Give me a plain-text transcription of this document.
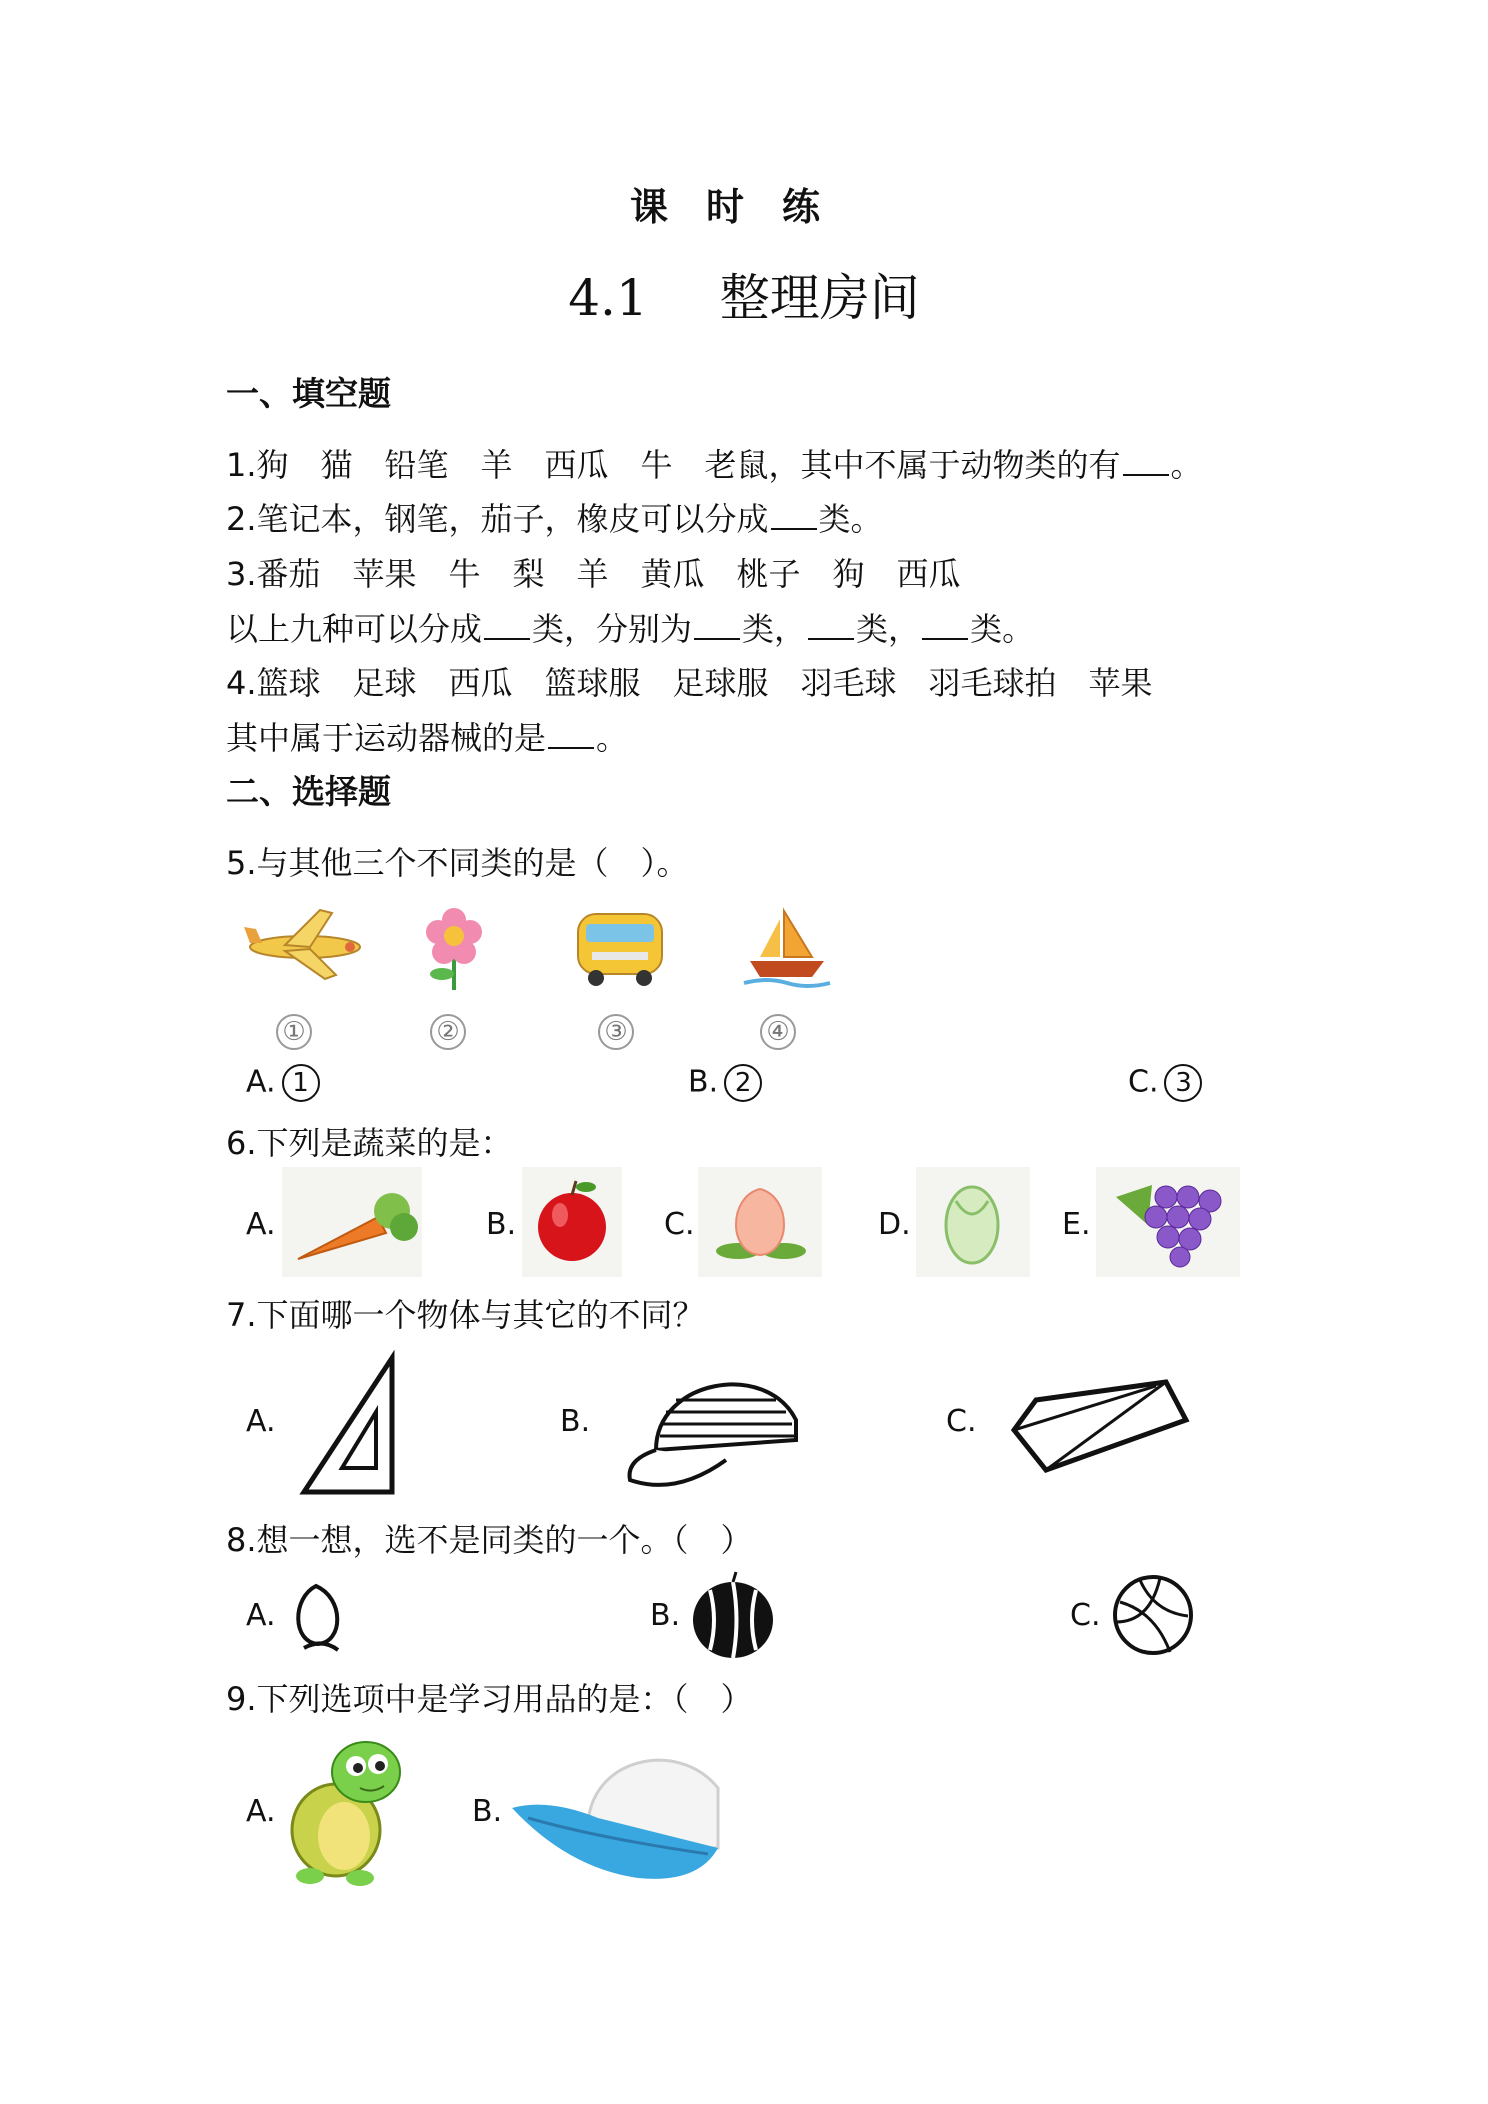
课时练
4.1 整理房间
一、填空题
1.狗　猫　铅笔　羊　西瓜　牛　老鼠，其中不属于动物类的有 。
2.笔记本，钢笔，茄子，橡皮可以分成 类。
3.番茄　苹果　牛　梨　羊　黄瓜　桃子　狗　西瓜
以上九种可以分成 类，分别为 类， 类， 类。
4.篮球　足球　西瓜　篮球服　足球服　羽毛球　羽毛球拍　苹果
其中属于运动器械的是 。
二、选择题
5.与其他三个不同类的是（　）。
①	②	③	④
A. 1	B. 2	C. 3
6.下列是蔬菜的是：
A.	B.	C.	D.	E.
7.下面哪一个物体与其它的不同？
A.	B.	C.
8.想一想，选不是同类的一个。（　）
A.	B.	C.
9.下列选项中是学习用品的是：（　）
A.	B.
